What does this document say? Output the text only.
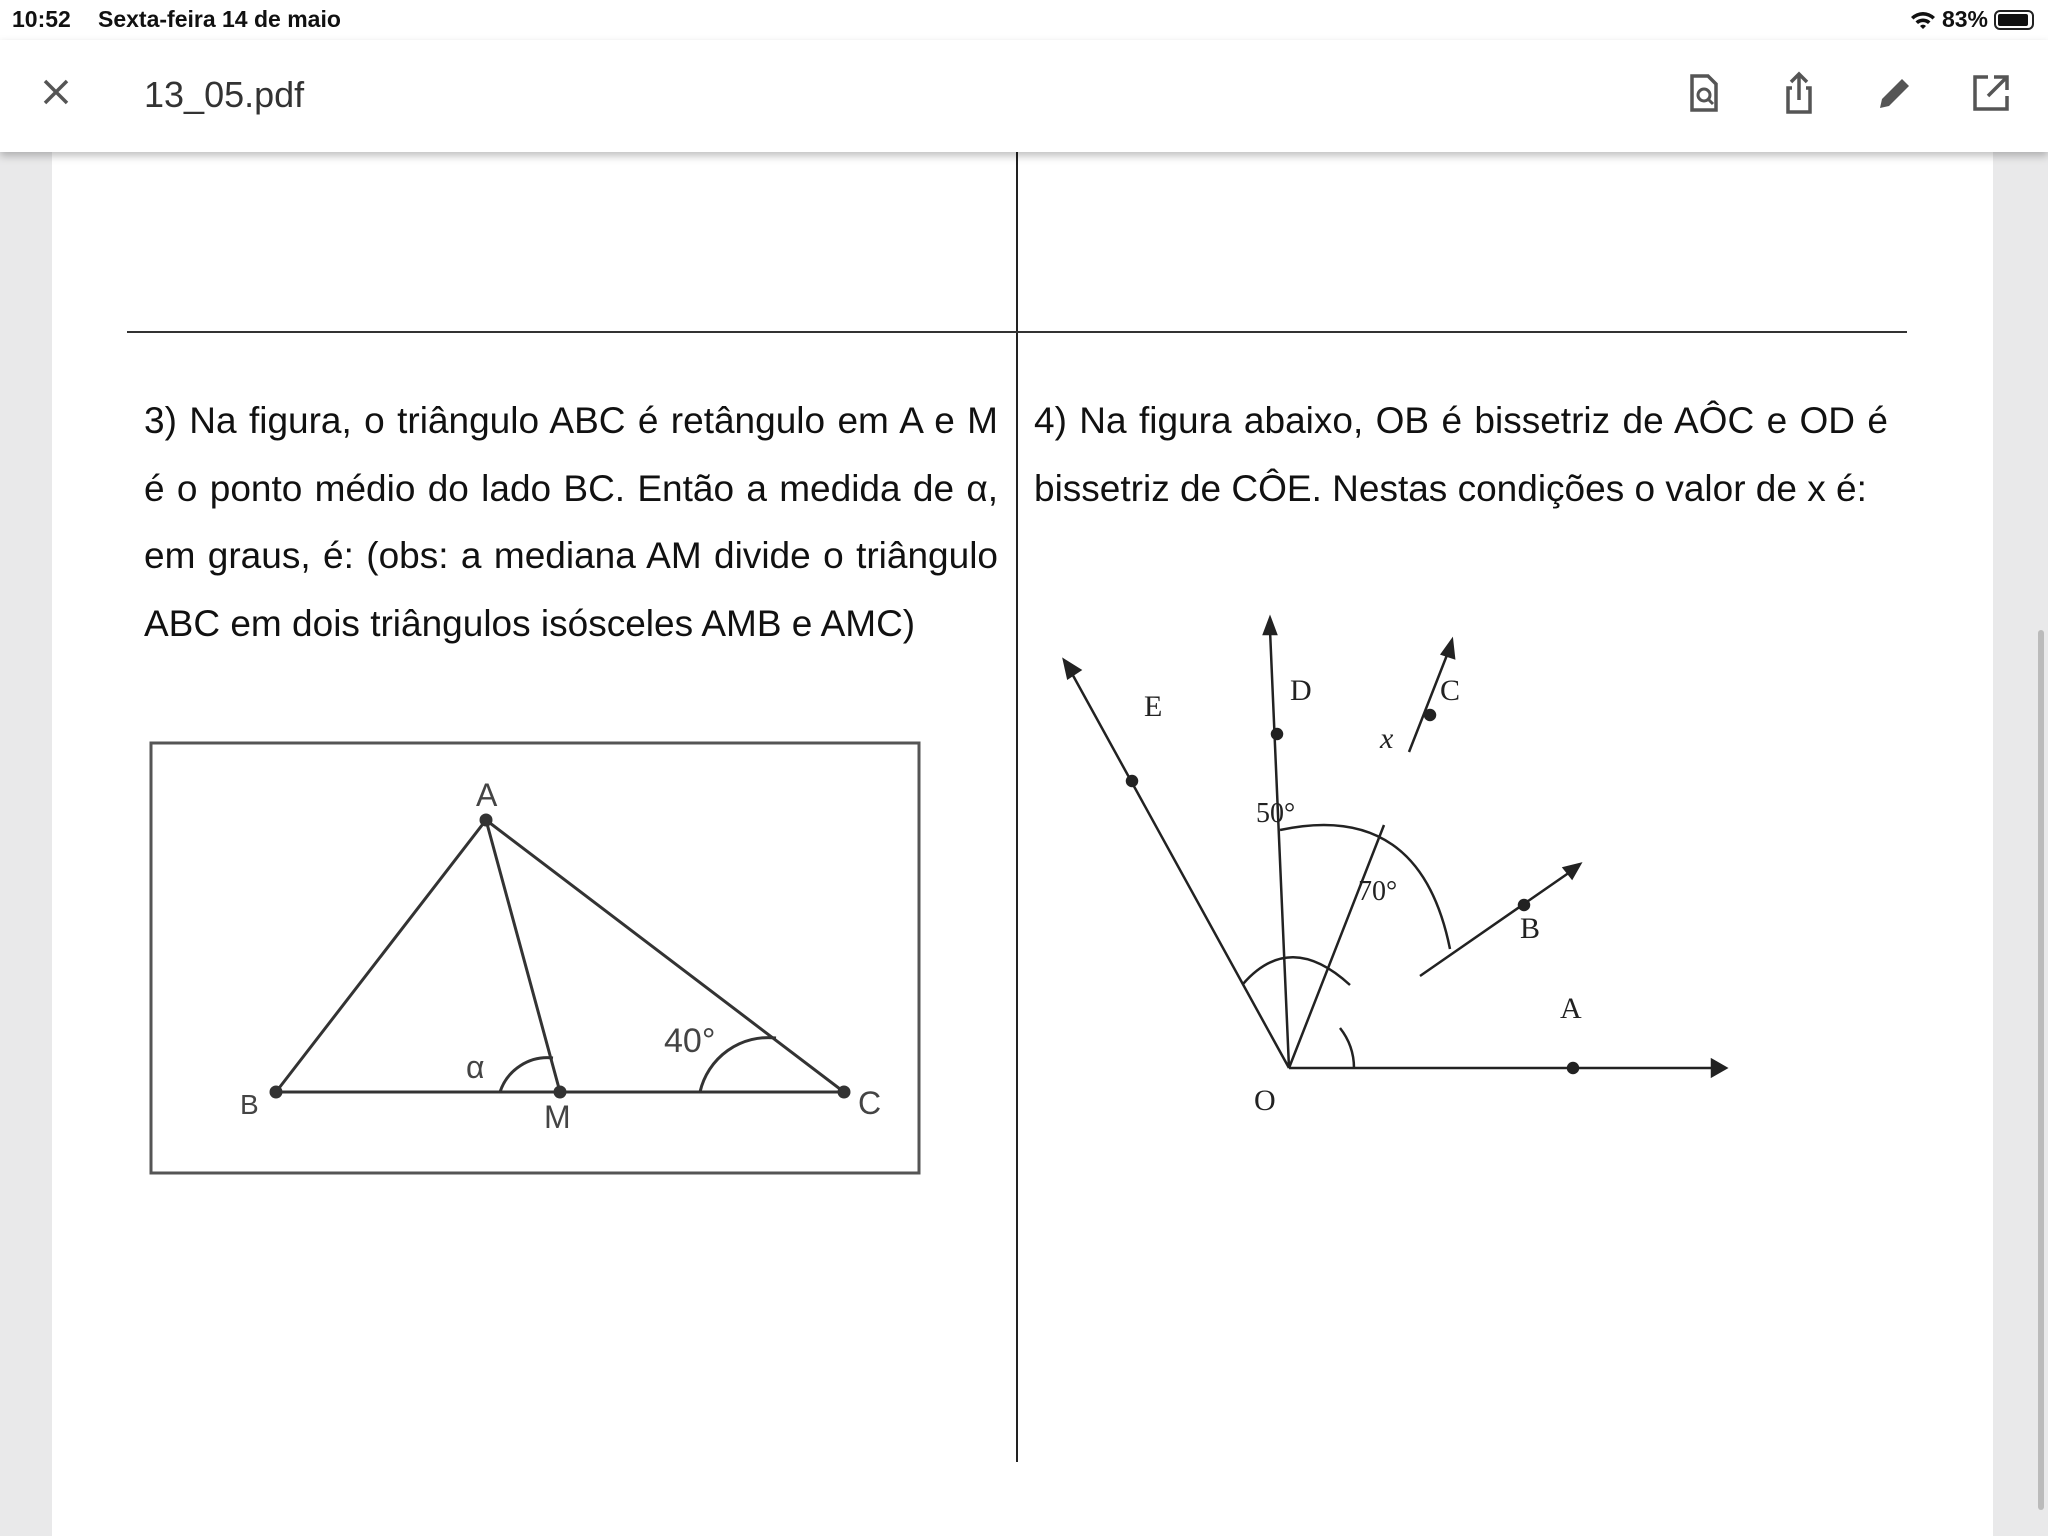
10:52 Sexta-feira 14 de maio	83%
13_05.pdf
3) Na figura, o triângulo ABC é retângulo em A e M é o ponto médio do lado BC. Então a medida de α, em graus, é: (obs: a mediana AM divide o triângulo ABC em dois triângulos isósceles AMB e AMC)
4) Na figura abaixo, OB é bissetriz de AÔC e OD é bissetriz de CÔE. Nestas condições o valor de x é:
A
B	M	C
α
40°
O
A
B
C
D
E
x
50°
70°
